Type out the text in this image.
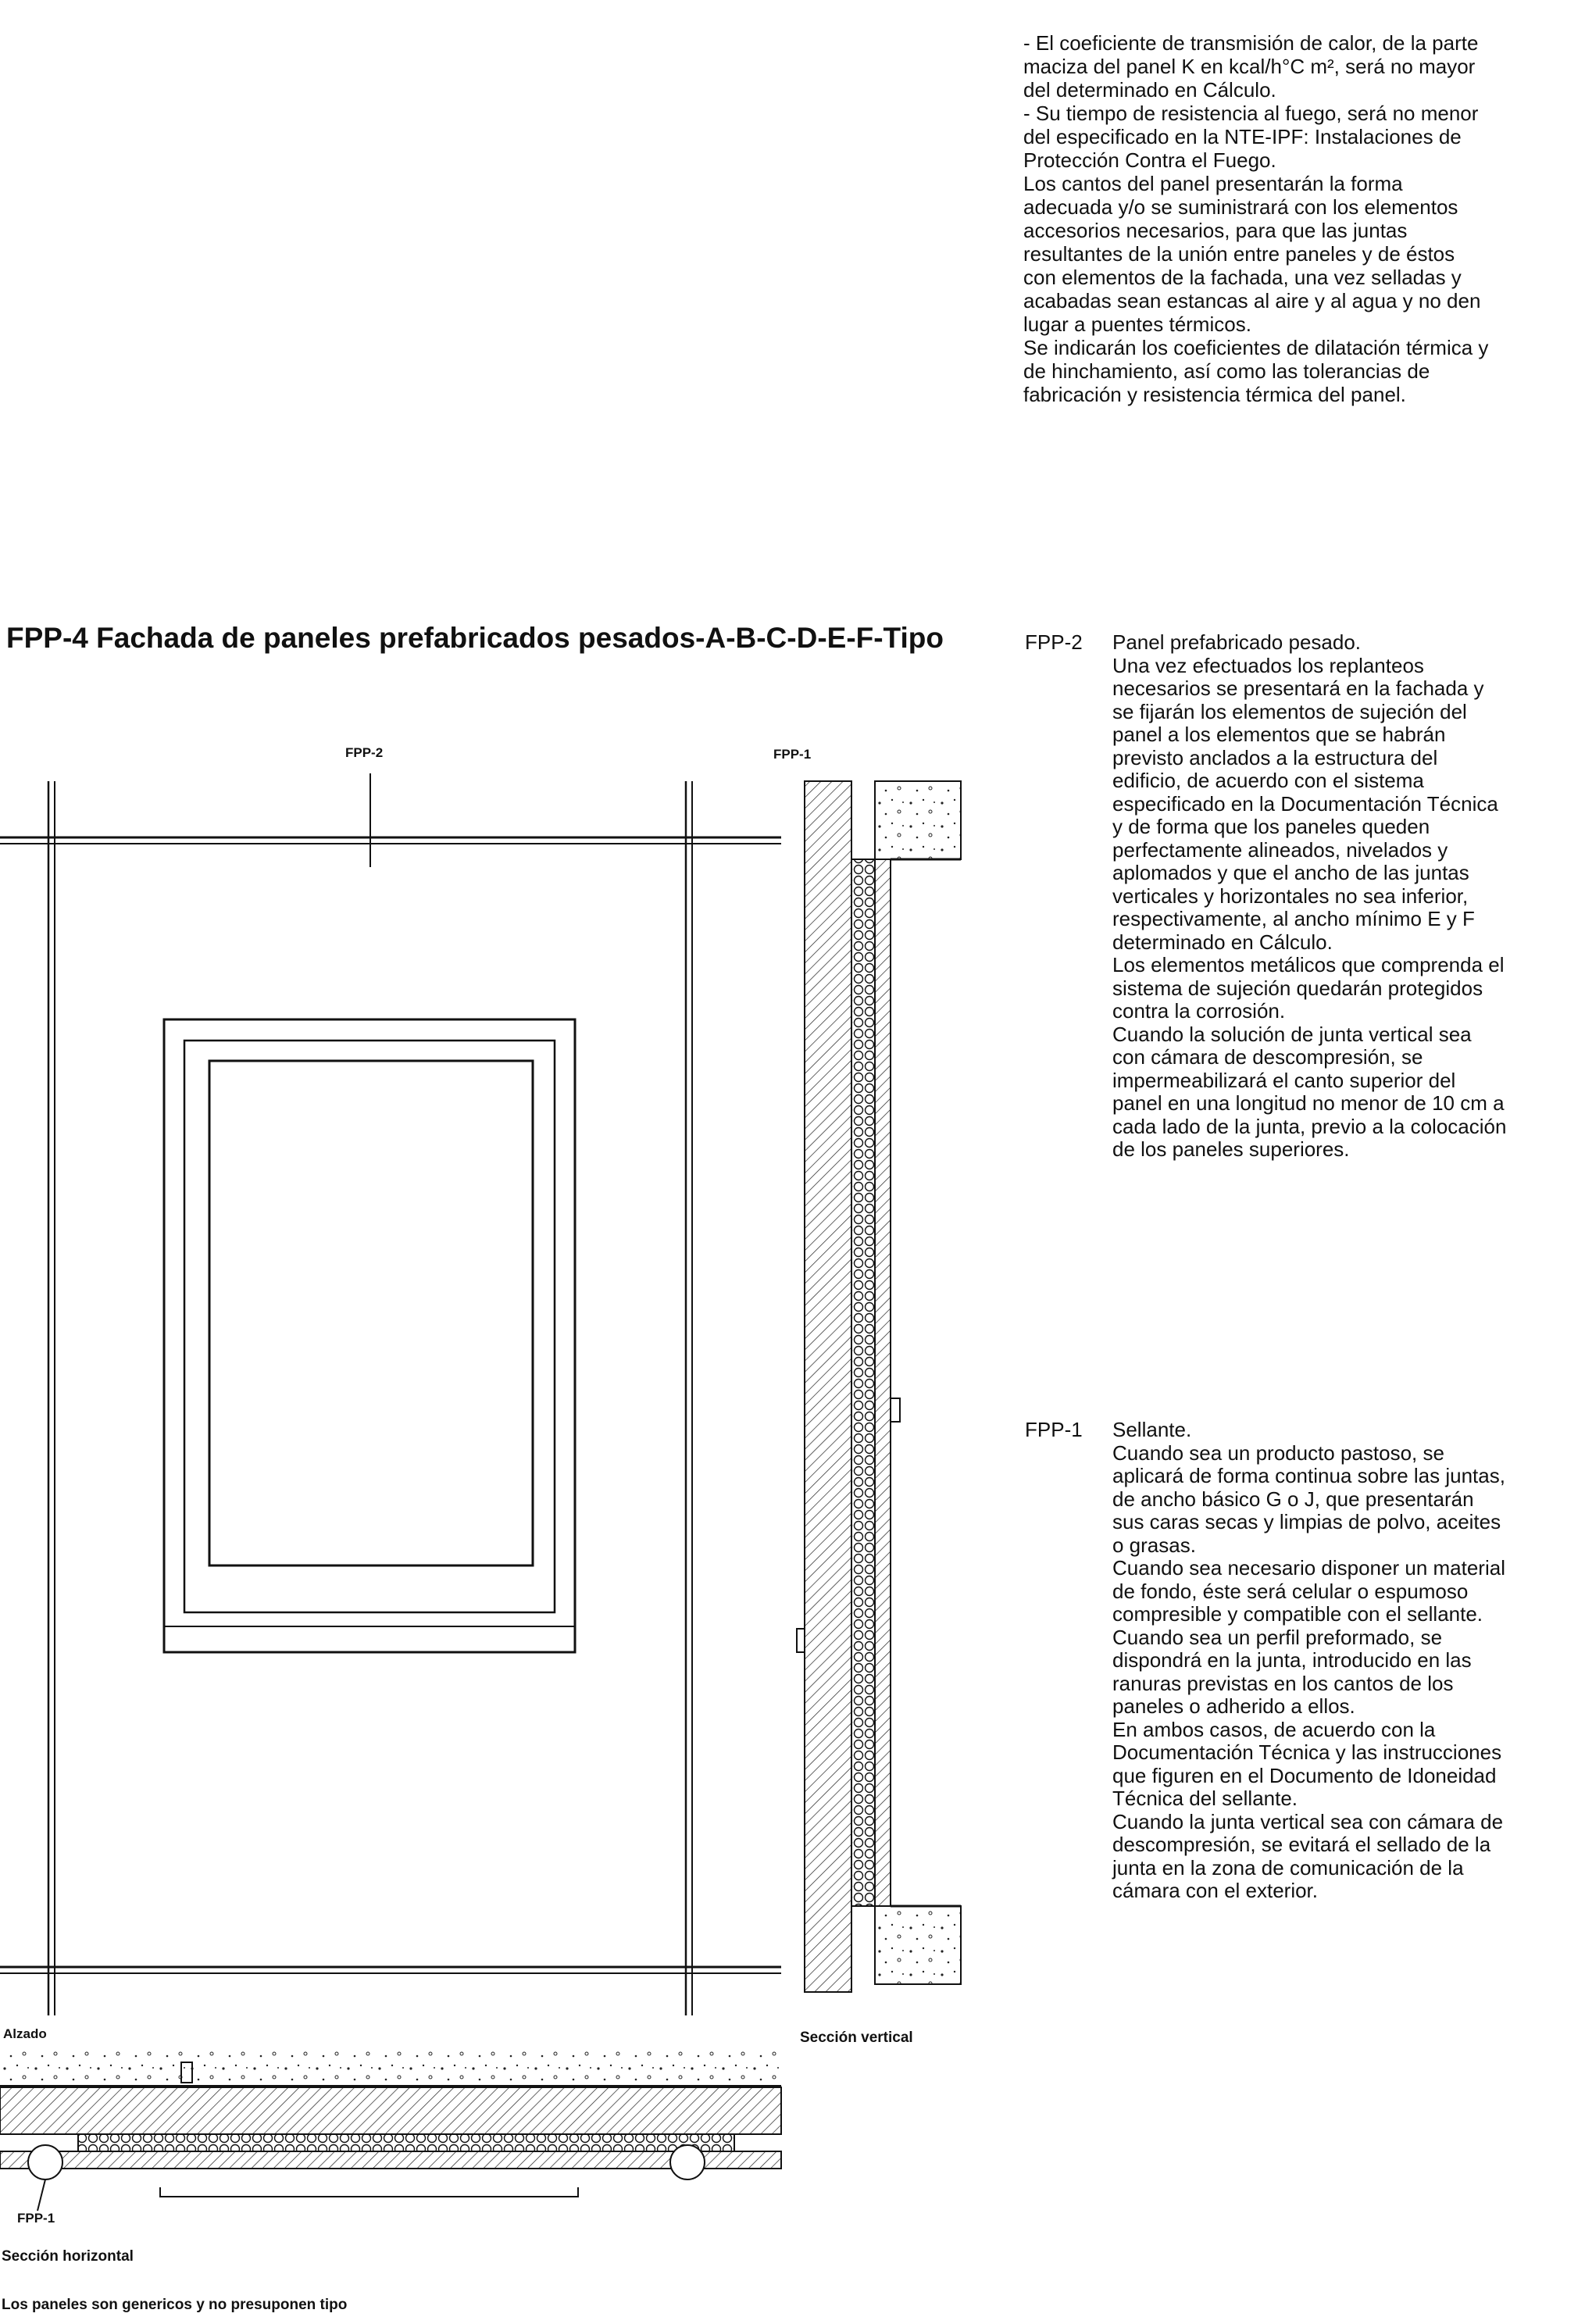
- El coeficiente de transmisión de calor, de la parte maciza del panel K en kcal/h°C m², será no mayor del determinado en Cálculo.

- Su tiempo de resistencia al fuego, será no menor del especificado en la NTE-IPF: Instalaciones de Protección Contra el Fuego.

Los cantos del panel presentarán la forma adecuada y/o se suministrará con los elementos accesorios necesarios, para que las juntas resultantes de la unión entre paneles y de éstos con elementos de la fachada, una vez selladas y acabadas sean estancas al aire y al agua y no den lugar a puentes térmicos.

Se indicarán los coeficientes de dilatación térmica y de hinchamiento, así como las tolerancias de fabricación y resistencia térmica del panel.

FPP-4 Fachada de paneles prefabricados pesados-A-B-C-D-E-F-Tipo	FPP-2 Panel prefabricado pesado.

Una vez efectuados los replanteos necesarios se presentará en la fachada y se fijarán los elementos de sujeción del panel a los elementos que se habrán previsto anclados a la estructura del edificio, de acuerdo con el sistema especificado en la Documentación Técnica y de forma que los paneles queden perfectamente alineados, nivelados y aplomados y que el ancho de las juntas verticales y horizontales no sea inferior, respectivamente, al ancho mínimo E y F determinado en Cálculo.

Los elementos metálicos que comprenda el sistema de sujeción quedarán protegidos contra la corrosión.

Cuando la solución de junta vertical sea con cámara de descompresión, se impermeabilizará el canto superior del panel en una longitud no menor de 10 cm a cada lado de la junta, previo a la colocación de los paneles superiores.

FPP-1 Sellante.

Cuando sea un producto pastoso, se aplicará de forma continua sobre las juntas, de ancho básico G o J, que presentarán sus caras secas y limpias de polvo, aceites o grasas.

Cuando sea necesario disponer un material de fondo, éste será celular o espumoso compresible y compatible con el sellante.

Cuando sea un perfil preformado, se dispondrá en la junta, introducido en las ranuras previstas en los cantos de los paneles o adherido a ellos.

En ambos casos, de acuerdo con la Documentación Técnica y las instrucciones que figuren en el Documento de Idoneidad Técnica del sellante.

Cuando la junta vertical sea con cámara de descompresión, se evitará el sellado de la junta en la zona de comunicación de la cámara con el exterior.

FPP-2	FPP-1
Alzado
FPP-1
Sección vertical
Sección horizontal
Los paneles son genericos y no presuponen tipo
